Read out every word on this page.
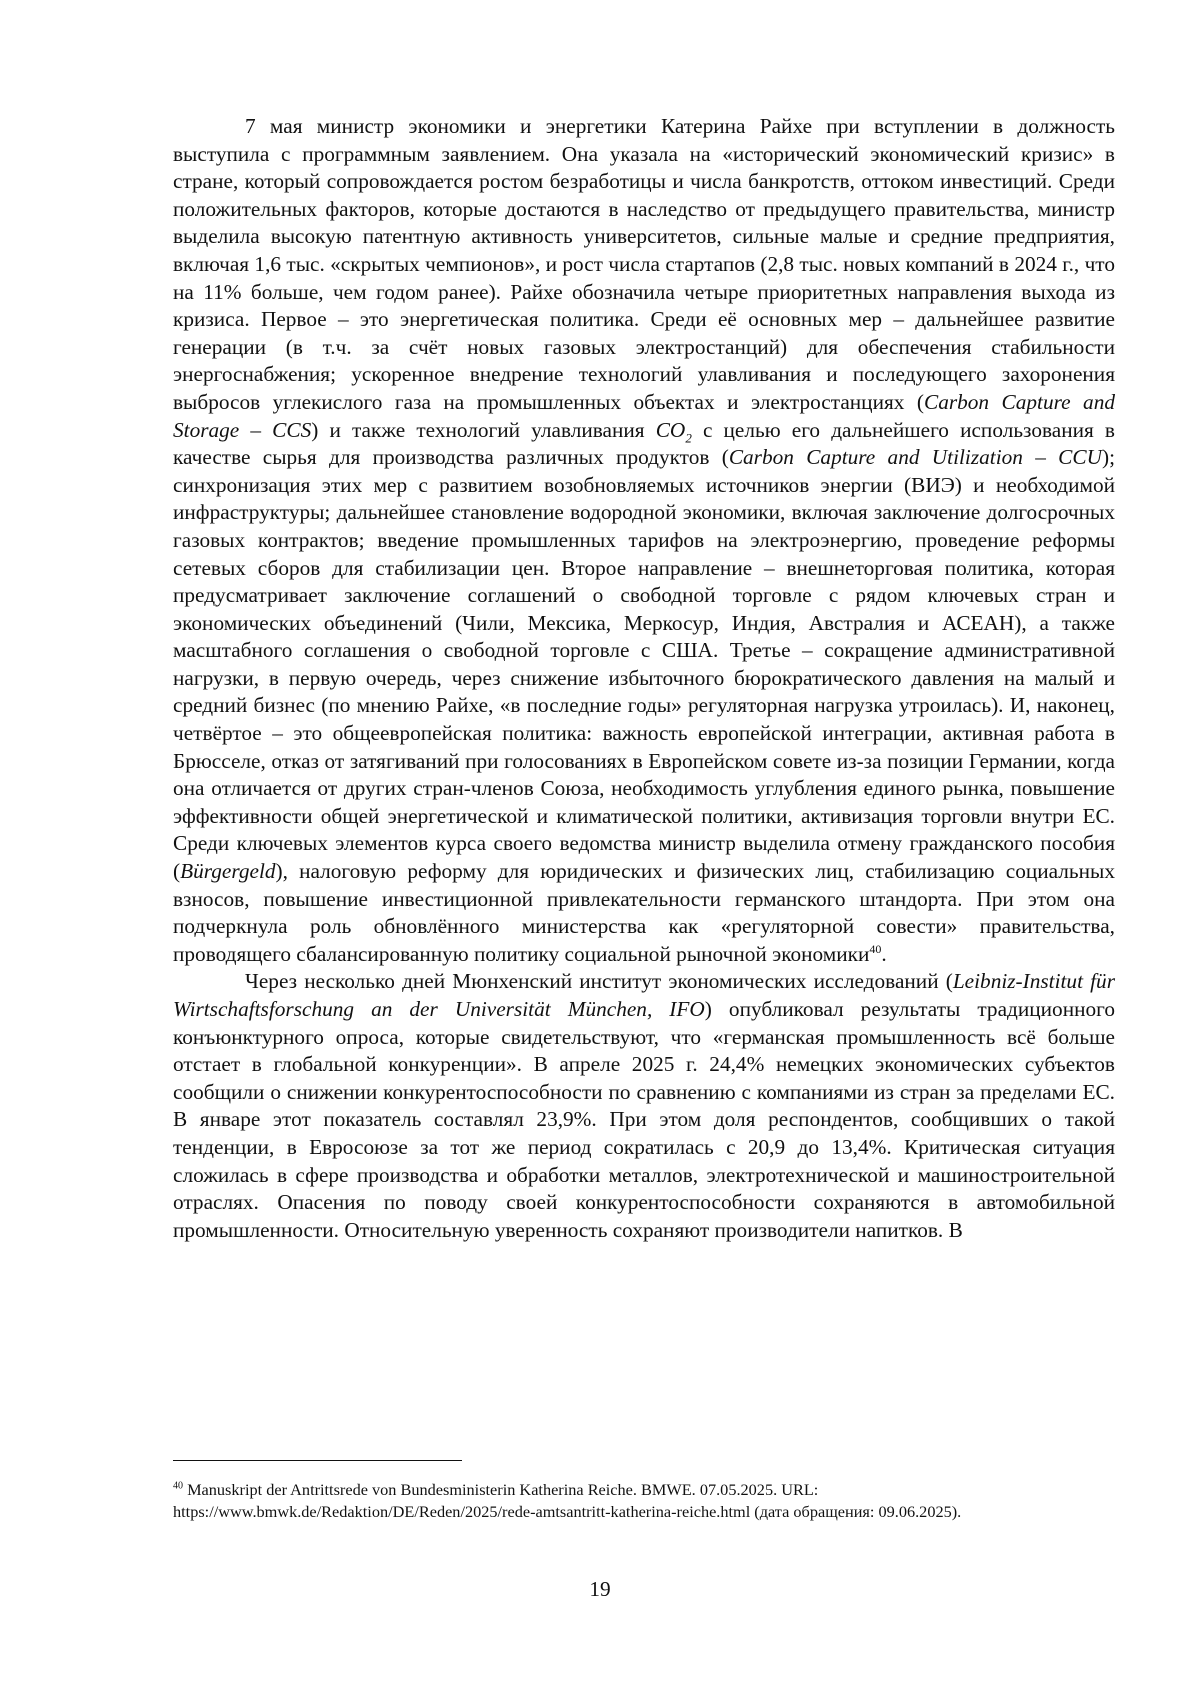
7 мая министр экономики и энергетики Катерина Райхе при вступлении в должность выступила с программным заявлением. Она указала на «исторический экономический кризис» в стране, который сопровождается ростом безработицы и числа банкротств, оттоком инвестиций. Среди положительных факторов, которые достаются в наследство от предыдущего правительства, министр выделила высокую патентную активность университетов, сильные малые и средние предприятия, включая 1,6 тыс. «скрытых чемпионов», и рост числа стартапов (2,8 тыс. новых компаний в 2024 г., что на 11% больше, чем годом ранее). Райхе обозначила четыре приоритетных направления выхода из кризиса. Первое – это энергетическая политика. Среди её основных мер – дальнейшее развитие генерации (в т.ч. за счёт новых газовых электростанций) для обеспечения стабильности энергоснабжения; ускоренное внедрение технологий улавливания и последующего захоронения выбросов углекислого газа на промышленных объектах и электростанциях (Carbon Capture and Storage – CCS) и также технологий улавливания $CO_2$ с целью его дальнейшего использования в качестве сырья для производства различных продуктов (Carbon Capture and Utilization – CCU); синхронизация этих мер с развитием возобновляемых источников энергии (ВИЭ) и необходимой инфраструктуры; дальнейшее становление водородной экономики, включая заключение долгосрочных газовых контрактов; введение промышленных тарифов на электроэнергию, проведение реформы сетевых сборов для стабилизации цен. Второе направление – внешнеторговая политика, которая предусматривает заключение соглашений о свободной торговле с рядом ключевых стран и экономических объединений (Чили, Мексика, Меркосур, Индия, Австралия и АСЕАН), а также масштабного соглашения о свободной торговле с США. Третье – сокращение административной нагрузки, в первую очередь, через снижение избыточного бюрократического давления на малый и средний бизнес (по мнению Райхе, «в последние годы» регуляторная нагрузка утроилась). И, наконец, четвёртое – это общеевропейская политика: важность европейской интеграции, активная работа в Брюсселе, отказ от затягиваний при голосованиях в Европейском совете из-за позиции Германии, когда она отличается от других стран-членов Союза, необходимость углубления единого рынка, повышение эффективности общей энергетической и климатической политики, активизация торговли внутри ЕС. Среди ключевых элементов курса своего ведомства министр выделила отмену гражданского пособия (Bürgergeld), налоговую реформу для юридических и физических лиц, стабилизацию социальных взносов, повышение инвестиционной привлекательности германского штандорта. При этом она подчеркнула роль обновлённого министерства как «регуляторной совести» правительства, проводящего сбалансированную политику социальной рыночной экономики$^{40}$.

Через несколько дней Мюнхенский институт экономических исследований (Leibniz-Institut für Wirtschaftsforschung an der Universität München, IFO) опубликовал результаты традиционного конъюнктурного опроса, которые свидетельствуют, что «германская промышленность всё больше отстает в глобальной конкуренции». В апреле 2025 г. 24,4% немецких экономических субъектов сообщили о снижении конкурентоспособности по сравнению с компаниями из стран за пределами ЕС. В январе этот показатель составлял 23,9%. При этом доля респондентов, сообщивших о такой тенденции, в Евросоюзе за тот же период сократилась с 20,9 до 13,4%. Критическая ситуация сложилась в сфере производства и обработки металлов, электротехнической и машиностроительной отраслях. Опасения по поводу своей конкурентоспособности сохраняются в автомобильной промышленности. Относительную уверенность сохраняют производители напитков. В

$^{40}$ Manuskript der Antrittsrede von Bundesministerin Katherina Reiche. BMWE. 07.05.2025. URL: https://www.bmwk.de/Redaktion/DE/Reden/2025/rede-amtsantritt-katherina-reiche.html (дата обращения: 09.06.2025).

19
